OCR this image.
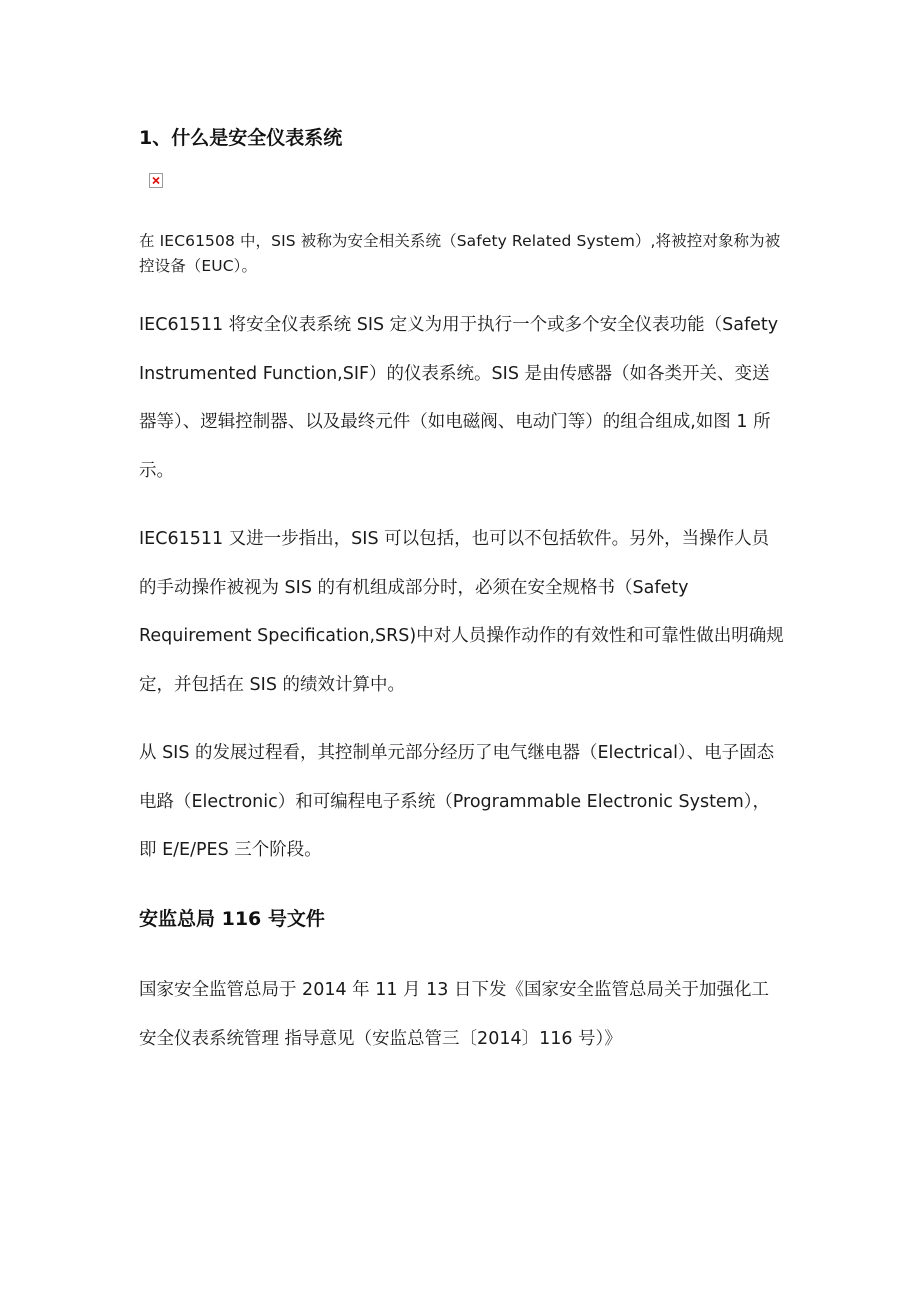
1、什么是安全仪表系统

在 IEC61508 中，SIS 被称为安全相关系统（Safety Related System）,将被控对象称为被控设备（EUC）。

IEC61511 将安全仪表系统 SIS 定义为用于执行一个或多个安全仪表功能（Safety Instrumented Function,SIF）的仪表系统。SIS 是由传感器（如各类开关、变送器等）、逻辑控制器、以及最终元件（如电磁阀、电动门等）的组合组成,如图 1 所示。

IEC61511 又进一步指出，SIS 可以包括，也可以不包括软件。另外，当操作人员的手动操作被视为 SIS 的有机组成部分时，必须在安全规格书（Safety Requirement Specification,SRS)中对人员操作动作的有效性和可靠性做出明确规定，并包括在 SIS 的绩效计算中。

从 SIS 的发展过程看，其控制单元部分经历了电气继电器（Electrical）、电子固态电路（Electronic）和可编程电子系统（Programmable Electronic System），即 E/E/PES 三个阶段。

安监总局 116 号文件

国家安全监管总局于 2014 年 11 月 13 日下发《国家安全监管总局关于加强化工安全仪表系统管理 指导意见（安监总管三〔2014〕116 号）》
